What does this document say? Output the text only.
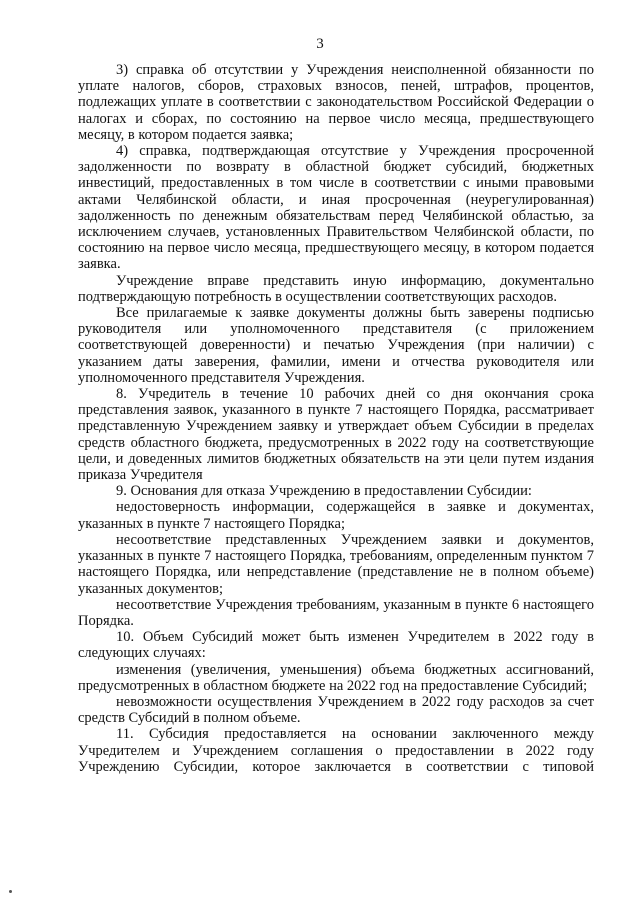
3

3) справка об отсутствии у Учреждения неисполненной обязанности по уплате налогов, сборов, страховых взносов, пеней, штрафов, процентов, подлежащих уплате в соответствии с законодательством Российской Федерации о налогах и сборах, по состоянию на первое число месяца, предшествующего месяцу, в котором подается заявка;

4) справка, подтверждающая отсутствие у Учреждения просроченной задолженности по возврату в областной бюджет субсидий, бюджетных инвестиций, предоставленных в том числе в соответствии с иными правовыми актами Челябинской области, и иная просроченная (неурегулированная) задолженность по денежным обязательствам перед Челябинской областью, за исключением случаев, установленных Правительством Челябинской области, по состоянию на первое число месяца, предшествующего месяцу, в котором подается заявка.

Учреждение вправе представить иную информацию, документально подтверждающую потребность в осуществлении соответствующих расходов.

Все прилагаемые к заявке документы должны быть заверены подписью руководителя или уполномоченного представителя (с приложением соответствующей доверенности) и печатью Учреждения (при наличии) с указанием даты заверения, фамилии, имени и отчества руководителя или уполномоченного представителя Учреждения.

8. Учредитель в течение 10 рабочих дней со дня окончания срока представления заявок, указанного в пункте 7 настоящего Порядка, рассматривает представленную Учреждением заявку и утверждает объем Субсидии в пределах средств областного бюджета, предусмотренных в 2022 году на соответствующие цели, и доведенных лимитов бюджетных обязательств на эти цели путем издания приказа Учредителя

9. Основания для отказа Учреждению в предоставлении Субсидии:

недостоверность информации, содержащейся в заявке и документах, указанных в пункте 7 настоящего Порядка;

несоответствие представленных Учреждением заявки и документов, указанных в пункте 7 настоящего Порядка, требованиям, определенным пунктом 7 настоящего Порядка, или непредставление (представление не в полном объеме) указанных документов;

несоответствие Учреждения требованиям, указанным в пункте 6 настоящего Порядка.

10. Объем Субсидий может быть изменен Учредителем в 2022 году в следующих случаях:

изменения (увеличения, уменьшения) объема бюджетных ассигнований, предусмотренных в областном бюджете на 2022 год на предоставление Субсидий;

невозможности осуществления Учреждением в 2022 году расходов за счет средств Субсидий в полном объеме.

11. Субсидия предоставляется на основании заключенного между Учредителем и Учреждением соглашения о предоставлении в 2022 году Учреждению Субсидии, которое заключается в соответствии с типовой
